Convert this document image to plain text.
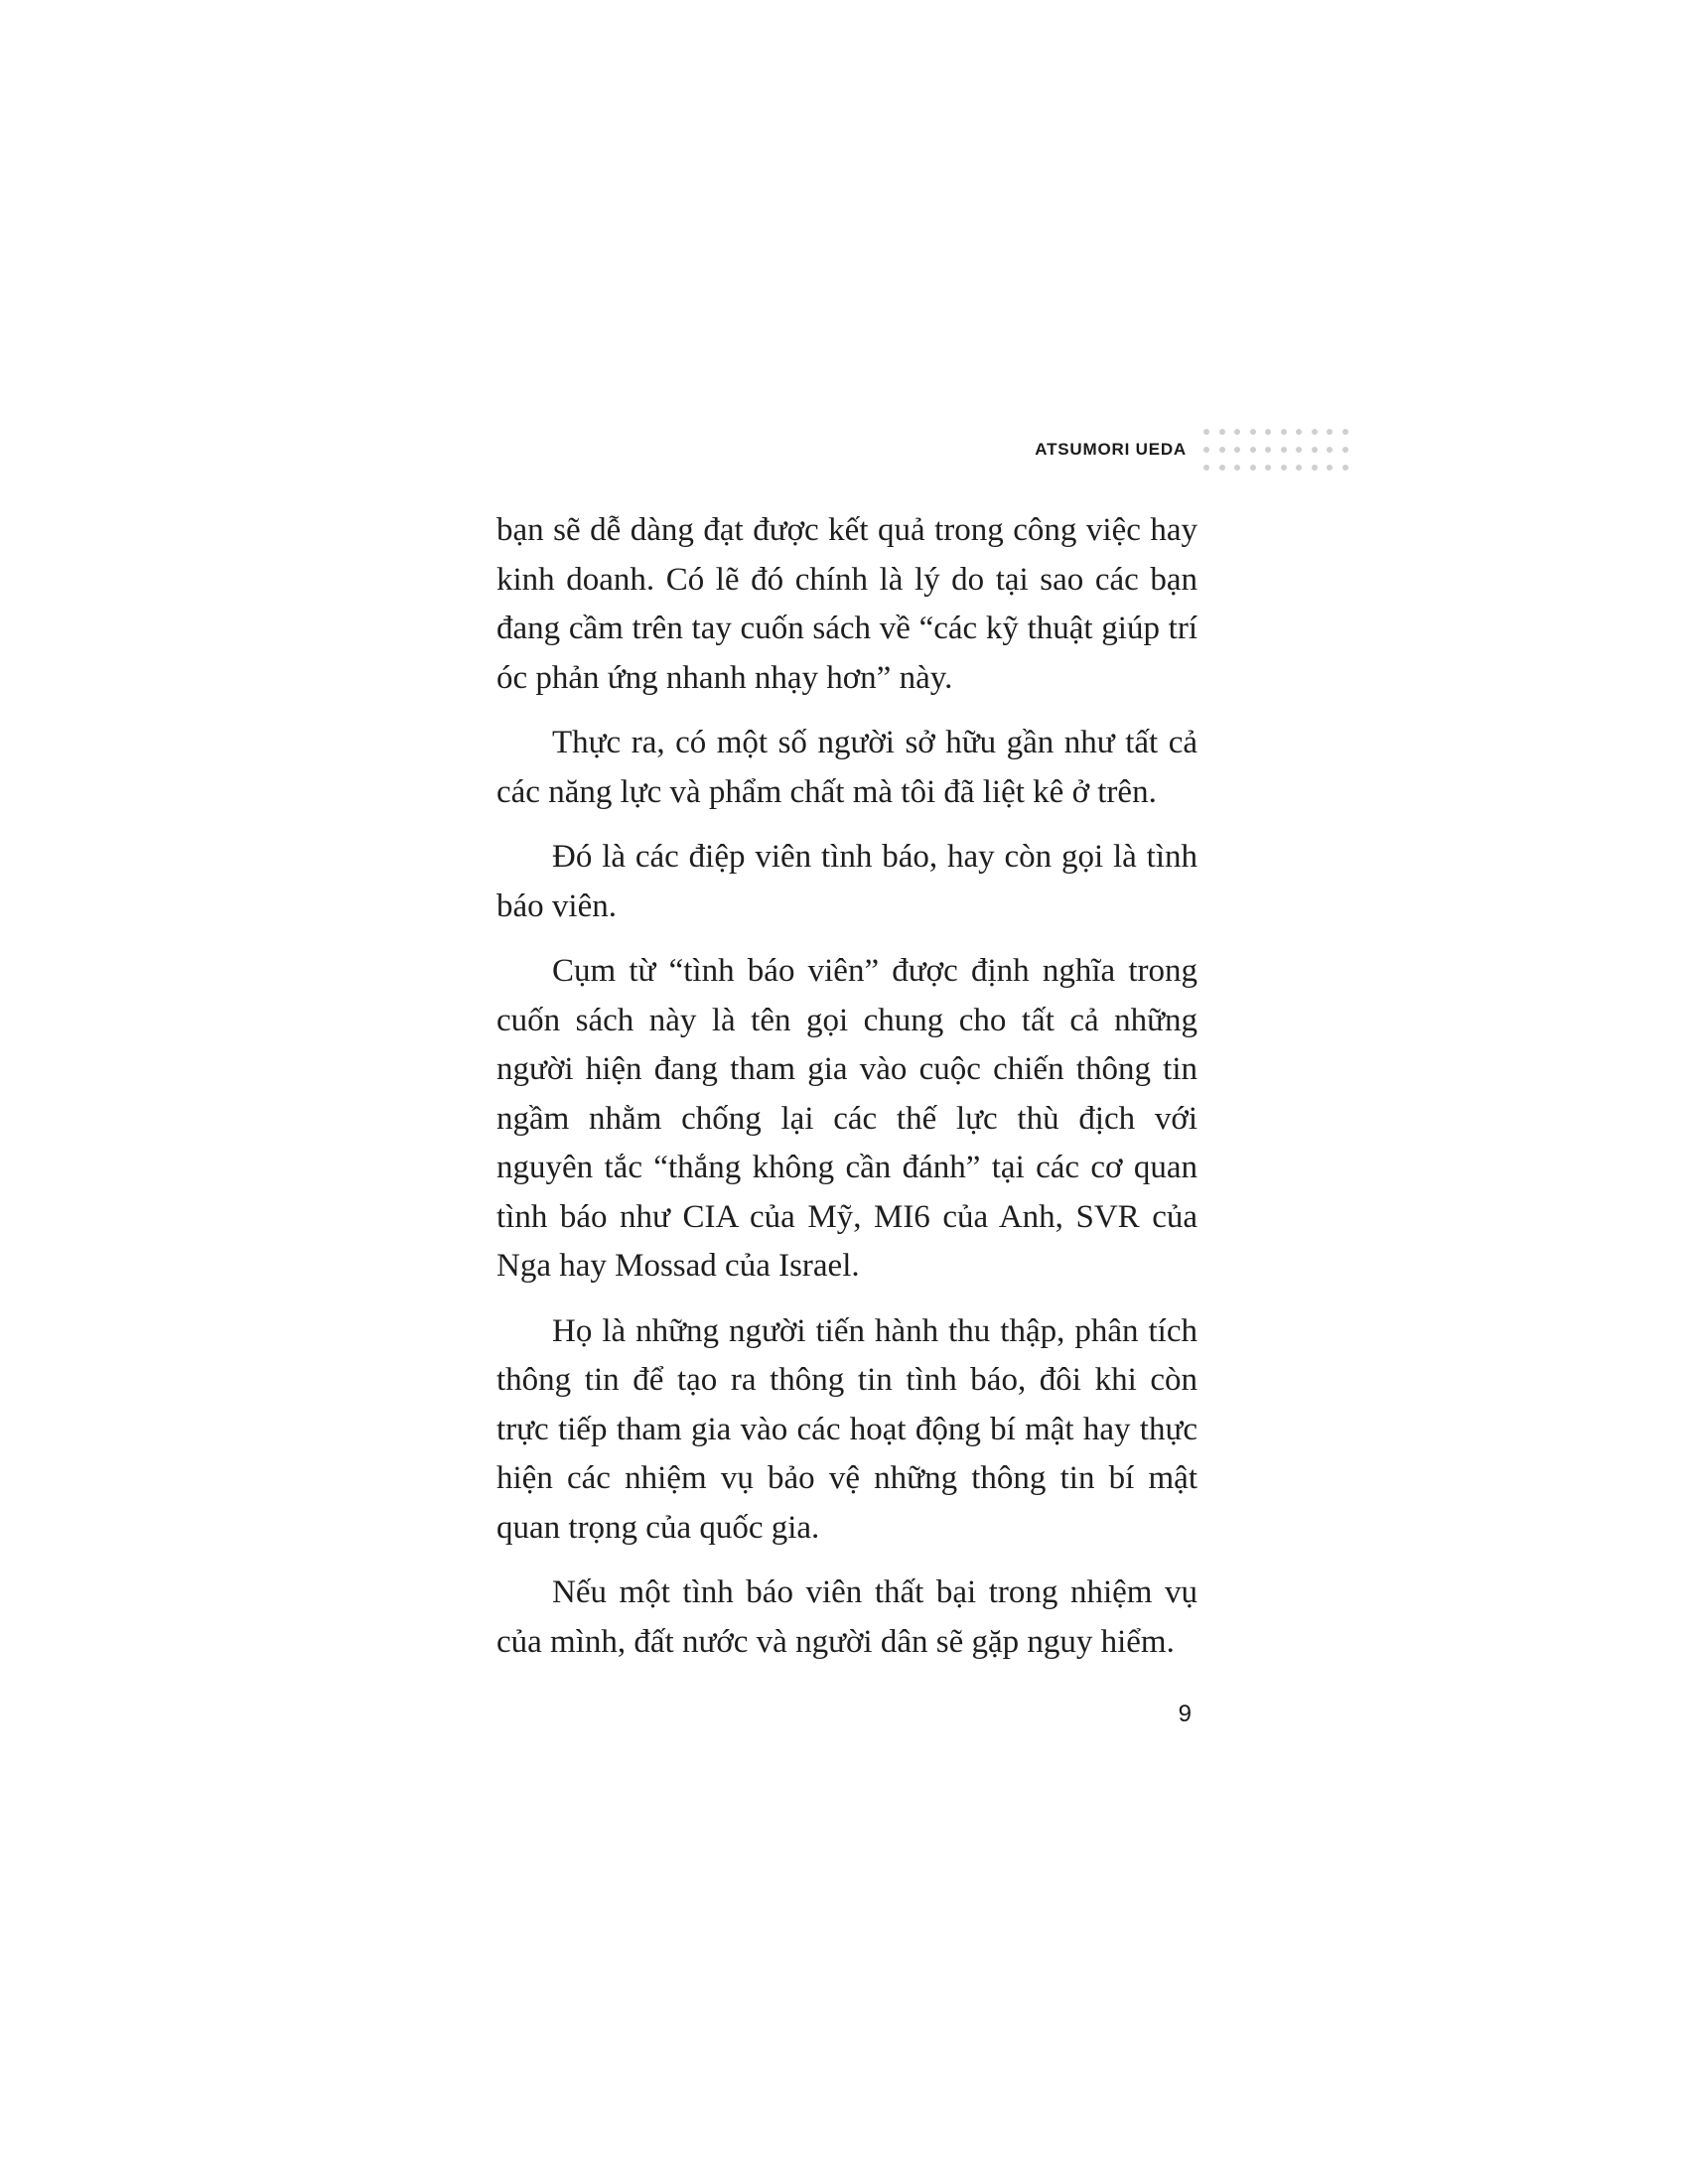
ATSUMORI UEDA

bạn sẽ dễ dàng đạt được kết quả trong công việc hay kinh doanh. Có lẽ đó chính là lý do tại sao các bạn đang cầm trên tay cuốn sách về “các kỹ thuật giúp trí óc phản ứng nhanh nhạy hơn” này.

Thực ra, có một số người sở hữu gần như tất cả các năng lực và phẩm chất mà tôi đã liệt kê ở trên.

Đó là các điệp viên tình báo, hay còn gọi là tình báo viên.

Cụm từ “tình báo viên” được định nghĩa trong cuốn sách này là tên gọi chung cho tất cả những người hiện đang tham gia vào cuộc chiến thông tin ngầm nhằm chống lại các thế lực thù địch với nguyên tắc “thắng không cần đánh” tại các cơ quan tình báo như CIA của Mỹ, MI6 của Anh, SVR của Nga hay Mossad của Israel.

Họ là những người tiến hành thu thập, phân tích thông tin để tạo ra thông tin tình báo, đôi khi còn trực tiếp tham gia vào các hoạt động bí mật hay thực hiện các nhiệm vụ bảo vệ những thông tin bí mật quan trọng của quốc gia.

Nếu một tình báo viên thất bại trong nhiệm vụ của mình, đất nước và người dân sẽ gặp nguy hiểm.

9
